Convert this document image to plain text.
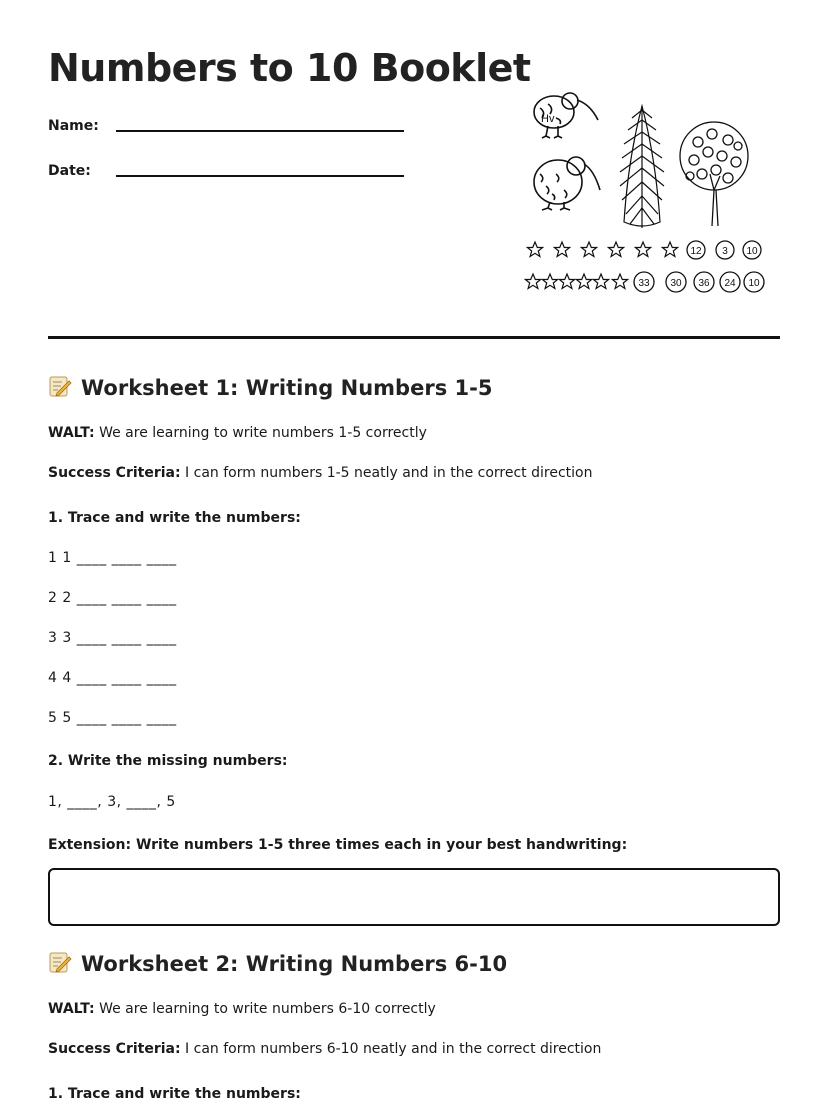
Numbers to 10 Booklet
Name:
Date:
Hv
12 3 10
33 30 36 24 10
Worksheet 1: Writing Numbers 1-5
WALT: We are learning to write numbers 1-5 correctly
Success Criteria: I can form numbers 1-5 neatly and in the correct direction
1. Trace and write the numbers:
1 1 ____ ____ ____
2 2 ____ ____ ____
3 3 ____ ____ ____
4 4 ____ ____ ____
5 5 ____ ____ ____
2. Write the missing numbers:
1, ____, 3, ____, 5
Extension: Write numbers 1-5 three times each in your best handwriting:
Worksheet 2: Writing Numbers 6-10
WALT: We are learning to write numbers 6-10 correctly
Success Criteria: I can form numbers 6-10 neatly and in the correct direction
1. Trace and write the numbers:
